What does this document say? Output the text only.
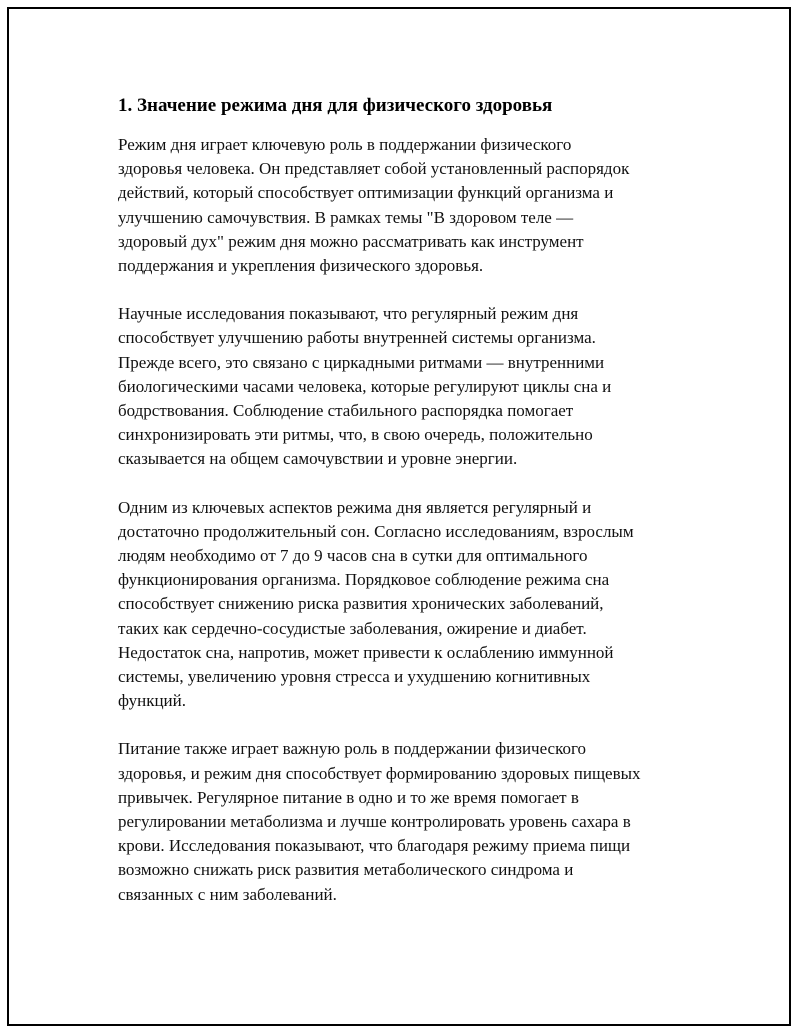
1. Значение режима дня для физического здоровья

Режим дня играет ключевую роль в поддержании физического
здоровья человека. Он представляет собой установленный распорядок
действий, который способствует оптимизации функций организма и
улучшению самочувствия. В рамках темы "В здоровом теле —
здоровый дух" режим дня можно рассматривать как инструмент
поддержания и укрепления физического здоровья.

Научные исследования показывают, что регулярный режим дня
способствует улучшению работы внутренней системы организма.
Прежде всего, это связано с циркадными ритмами — внутренними
биологическими часами человека, которые регулируют циклы сна и
бодрствования. Соблюдение стабильного распорядка помогает
синхронизировать эти ритмы, что, в свою очередь, положительно
сказывается на общем самочувствии и уровне энергии.

Одним из ключевых аспектов режима дня является регулярный и
достаточно продолжительный сон. Согласно исследованиям, взрослым
людям необходимо от 7 до 9 часов сна в сутки для оптимального
функционирования организма. Порядковое соблюдение режима сна
способствует снижению риска развития хронических заболеваний,
таких как сердечно-сосудистые заболевания, ожирение и диабет.
Недостаток сна, напротив, может привести к ослаблению иммунной
системы, увеличению уровня стресса и ухудшению когнитивных
функций.

Питание также играет важную роль в поддержании физического
здоровья, и режим дня способствует формированию здоровых пищевых
привычек. Регулярное питание в одно и то же время помогает в
регулировании метаболизма и лучше контролировать уровень сахара в
крови. Исследования показывают, что благодаря режиму приема пищи
возможно снижать риск развития метаболического синдрома и
связанных с ним заболеваний.
